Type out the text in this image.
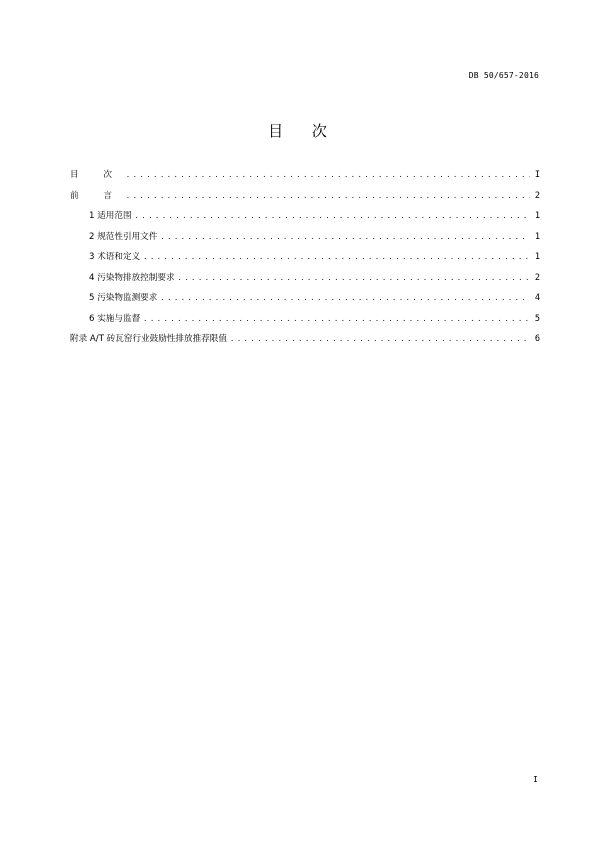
DB 50/657-2016
目 次
目 次 .....	I
前 言 .....	2
1 适用范围 .....	1
2 规范性引用文件 .....	1
3 术语和定义 .....	1
4 污染物排放控制要求 .....	2
5 污染物监测要求 .....	4
6 实施与监督 .....	5
附录 A/T 砖瓦窑行业鼓励性排放推荐限值 .....	6
I
